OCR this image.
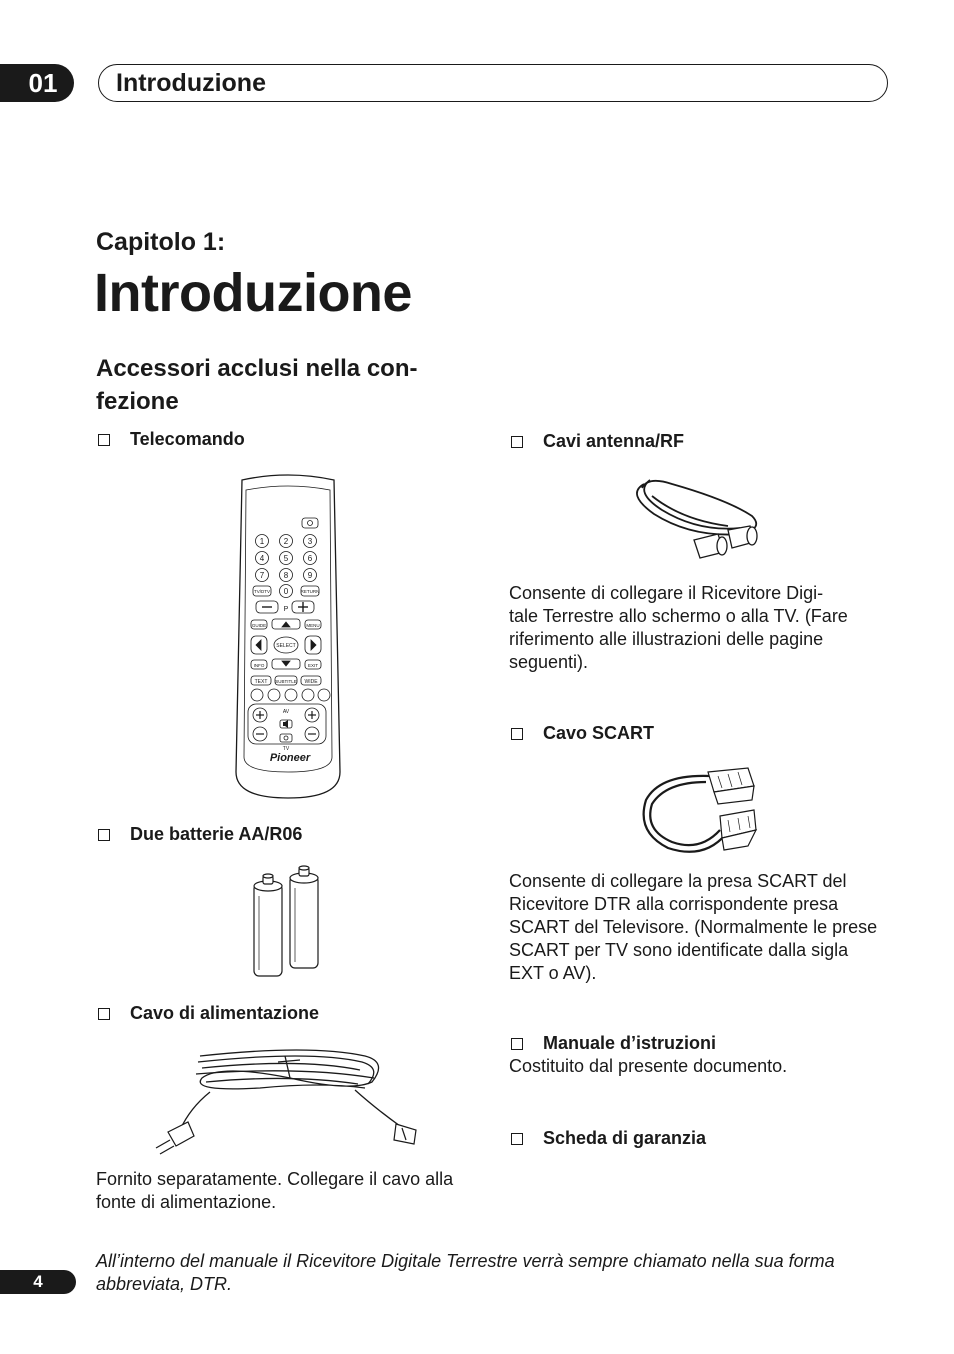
01 Introduzione
Capitolo 1:
Introduzione
Accessori acclusi nella con-
fezione
Telecomando
1 2 3
4 5 6
7 8 9
TV/DTV 0	RETURN
P
GUIDE	MENU
SELECT
INFO	EXIT
TEXT SUBTITLE WIDE
AV
TV
Pioneer
Due batterie AA/R06
Cavo di alimentazione
Fornito separatamente. Collegare il cavo alla fonte di alimentazione.
Cavi antenna/RF
Consente di collegare il Ricevitore Digi-
tale Terrestre allo schermo o alla TV. (Fare riferimento alle illustrazioni delle pagine seguenti).
Cavo SCART
Consente di collegare la presa SCART del Ricevitore DTR alla corrispondente presa SCART del Televisore. (Normalmente le prese SCART per TV sono identificate dalla sigla EXT o AV).
Manuale d’istruzioni
Costituito dal presente documento.
Scheda di garanzia
4
All’interno del manuale il Ricevitore Digitale Terrestre verrà sempre chiamato nella sua forma abbreviata, DTR.
